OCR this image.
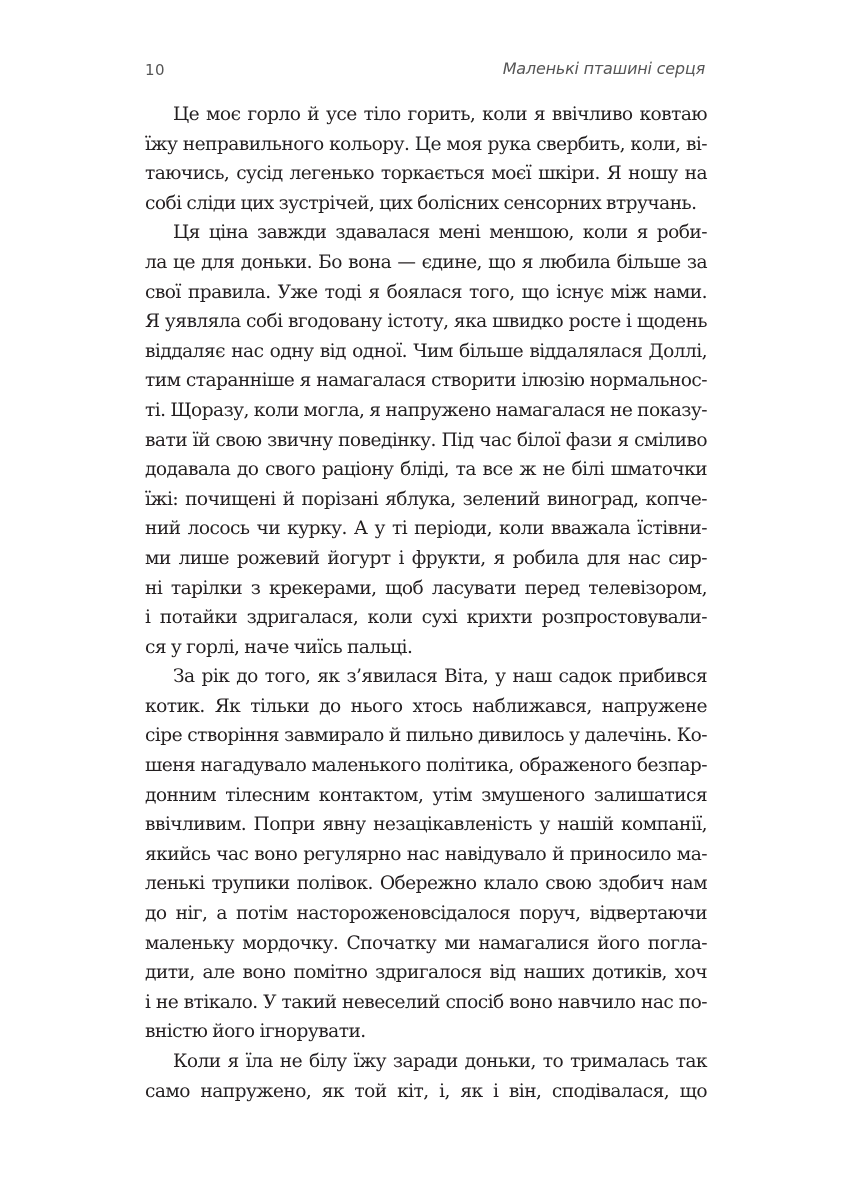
10	Маленькі пташині серця
Це моє горло й усе тіло горить, коли я ввічливо ковтаю
їжу неправильного кольору. Це моя рука свербить, коли, ві-
таючись, сусід легенько торкається моєї шкіри. Я ношу на
собі сліди цих зустрічей, цих болісних сенсорних втручань.
Ця ціна завжди здавалася мені меншою, коли я роби-
ла це для доньки. Бо вона — єдине, що я любила більше за
свої правила. Уже тоді я боялася того, що існує між нами.
Я уявляла собі вгодовану істоту, яка швидко росте і щодень
віддаляє нас одну від одної. Чим більше віддалялася Доллі,
тим старанніше я намагалася створити ілюзію нормальнос-
ті. Щоразу, коли могла, я напружено намагалася не показу-
вати їй свою звичну поведінку. Під час білої фази я сміливо
додавала до свого раціону бліді, та все ж не білі шматочки
їжі: почищені й порізані яблука, зелений виноград, копче-
ний лосось чи курку. А у ті періоди, коли вважала їстівни-
ми лише рожевий йогурт і фрукти, я робила для нас сир-
ні тарілки з крекерами, щоб ласувати перед телевізором,
і потайки здригалася, коли сухі крихти розпростовували-
ся у горлі, наче чиїсь пальці.
За рік до того, як з’явилася Віта, у наш садок прибився
котик. Як тільки до нього хтось наближався, напружене
сіре створіння завмирало й пильно дивилось у далечінь. Ко-
шеня нагадувало маленького політика, ображеного безпар-
донним тілесним контактом, утім змушеного залишатися
ввічливим. Попри явну незацікавленість у нашій компанії,
якийсь час воно регулярно нас навідувало й приносило ма-
ленькі трупики полівок. Обережно клало свою здобич нам
до ніг, а потім настороженовсідалося поруч, відвертаючи
маленьку мордочку. Спочатку ми намагалися його погла-
дити, але воно помітно здригалося від наших дотиків, хоч
і не втікало. У такий невеселий спосіб воно навчило нас по-
вністю його ігнорувати.
Коли я їла не білу їжу заради доньки, то трималась так
само напружено, як той кіт, і, як і він, сподівалася, що
